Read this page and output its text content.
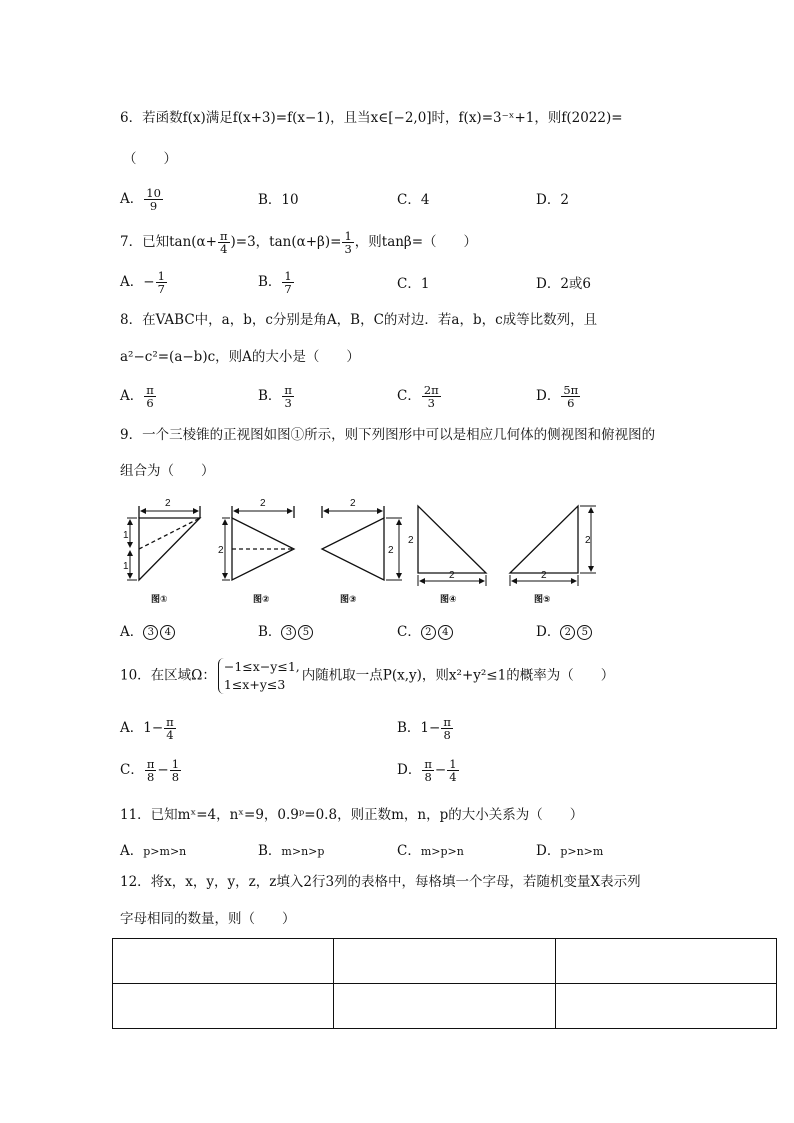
6．若函数f(x)满足f(x+3)=f(x−1)，且当x∈[−2,0]时，f(x)=3⁻ˣ+1，则f(2022)=
（　　）
A． $\frac{10}{9}$	B．10	C．4	D．2
7．已知$\tan(\alpha+ \frac{\pi}{4} )=3$，$\tan(\alpha+\beta)= \frac{1}{3}$ ，则tanβ=（　　）
A．− $\frac{1}{7}$	B． $\frac{1}{7}$	C．1	D．2或6
8．在VABC中，a，b，c分别是角A，B，C的对边．若a，b，c成等比数列，且
a²−c²=(a−b)c，则A的大小是（　　）
A． $\frac{\pi}{6}$	B． $\frac{\pi}{3}$	C． $\frac{2\pi}{3}$	D． $\frac{5\pi}{6}$
9．一个三棱锥的正视图如图①所示，则下列图形中可以是相应几何体的侧视图和俯视图的
组合为（　　）
2
1
1
2
2
2
2
2
2
2
2
图①	图②	图③	图④	图⑤
A． 3 4	B． 3 5	C． 2 4	D． 2 5
10．在区域Ω：
−1≤x−y≤1,
1≤x+y≤3
内随机取一点P(x,y)，则x²+y²≤1的概率为（　　）
A．$1- \frac{\pi}{4}$	B．$1- \frac{\pi}{8}$
C． $\frac{\pi}{8} - \frac{1}{8}$	D． $\frac{\pi}{8} - \frac{1}{4}$
11．已知mˣ=4，nˣ=9，0.9ᵖ=0.8，则正数m，n，p的大小关系为（　　）
A．p>m>n	B．m>n>p	C．m>p>n	D．p>n>m
12．将x，x，y，y，z，z填入2行3列的表格中，每格填一个字母，若随机变量X表示列
字母相同的数量，则（　　）
